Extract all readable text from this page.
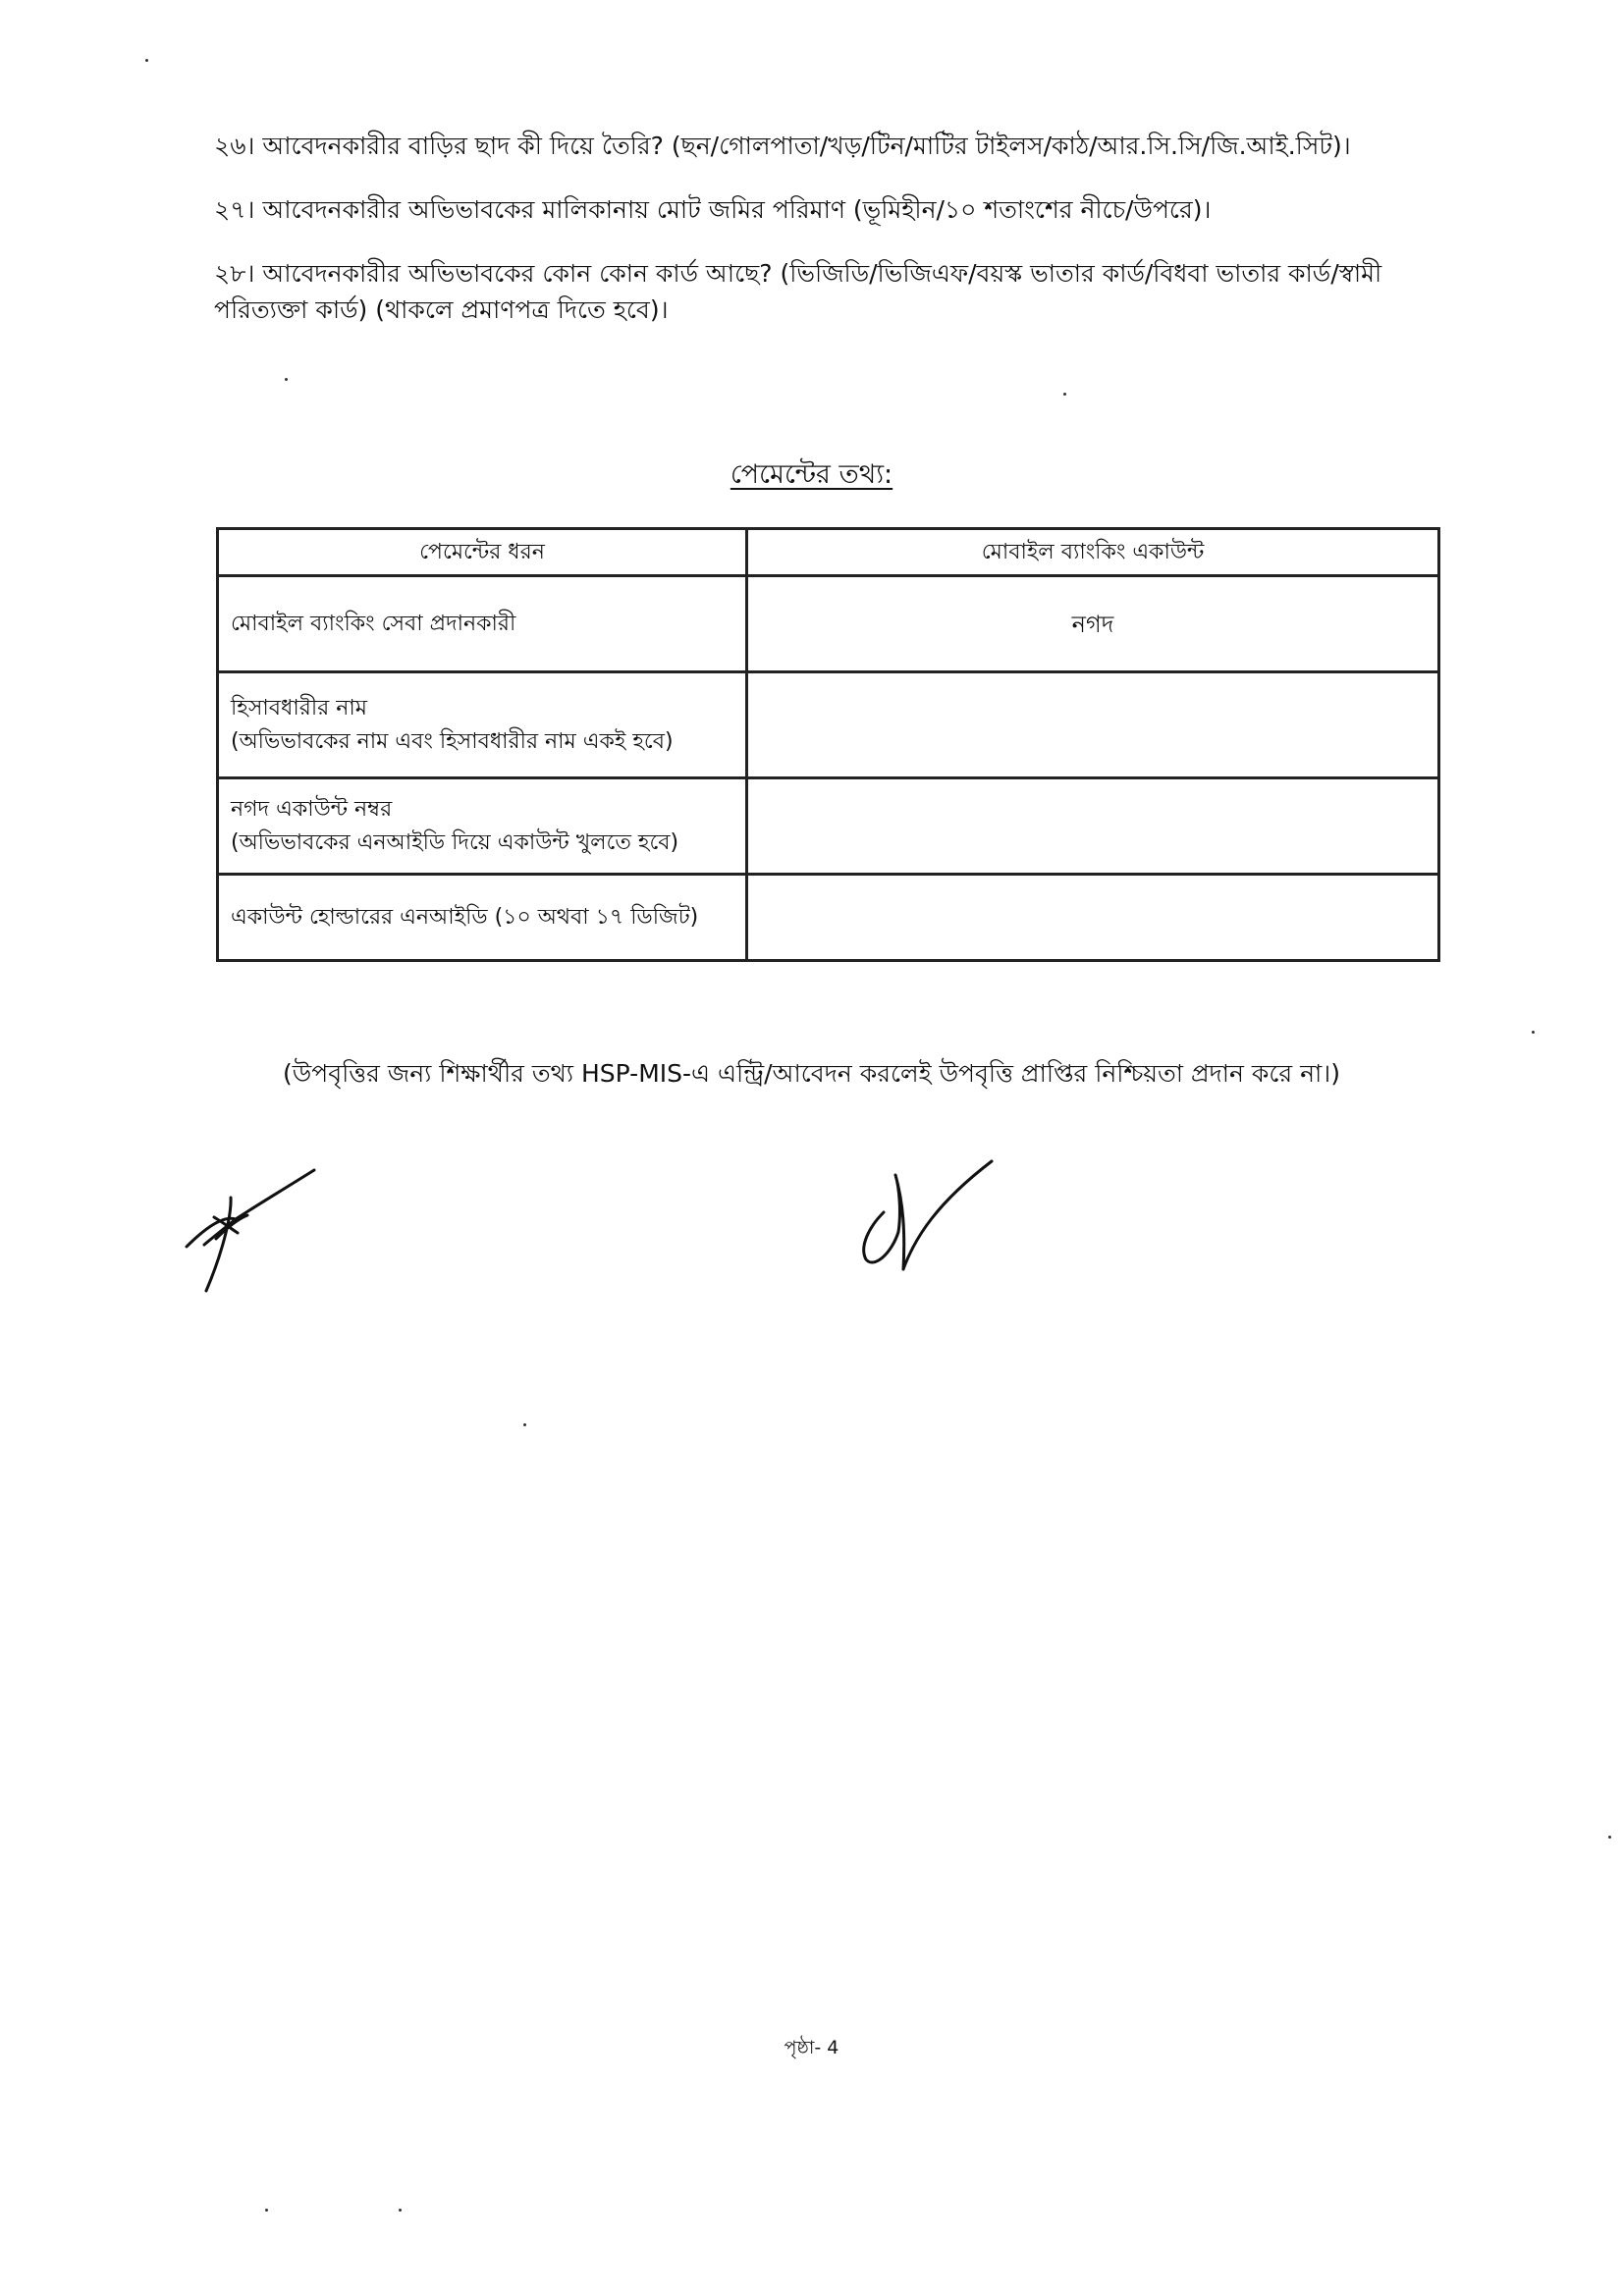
২৬। আবেদনকারীর বাড়ির ছাদ কী দিয়ে তৈরি? (ছন/গোলপাতা/খড়/টিন/মাটির টাইলস/কাঠ/আর.সি.সি/জি.আই.সিট)।

২৭। আবেদনকারীর অভিভাবকের মালিকানায় মোট জমির পরিমাণ (ভূমিহীন/১০ শতাংশের নীচে/উপরে)।

২৮। আবেদনকারীর অভিভাবকের কোন কোন কার্ড আছে? (ভিজিডি/ভিজিএফ/বয়স্ক ভাতার কার্ড/বিধবা ভাতার কার্ড/স্বামী পরিত্যক্তা কার্ড) (থাকলে প্রমাণপত্র দিতে হবে)।

পেমেন্টের তথ্য:
পেমেন্টের ধরন	মোবাইল ব্যাংকিং একাউন্ট
মোবাইল ব্যাংকিং সেবা প্রদানকারী	নগদ

হিসাবধারীর নাম
(অভিভাবকের নাম এবং হিসাবধারীর নাম একই হবে)	

নগদ একাউন্ট নম্বর
(অভিভাবকের এনআইডি দিয়ে একাউন্ট খুলতে হবে)	

একাউন্ট হোল্ডারের এনআইডি (১০ অথবা ১৭ ডিজিট)	
(উপবৃত্তির জন্য শিক্ষার্থীর তথ্য HSP-MIS-এ এন্ট্রি/আবেদন করলেই উপবৃত্তি প্রাপ্তির নিশ্চিয়তা প্রদান করে না।)
পৃষ্ঠা- 4
